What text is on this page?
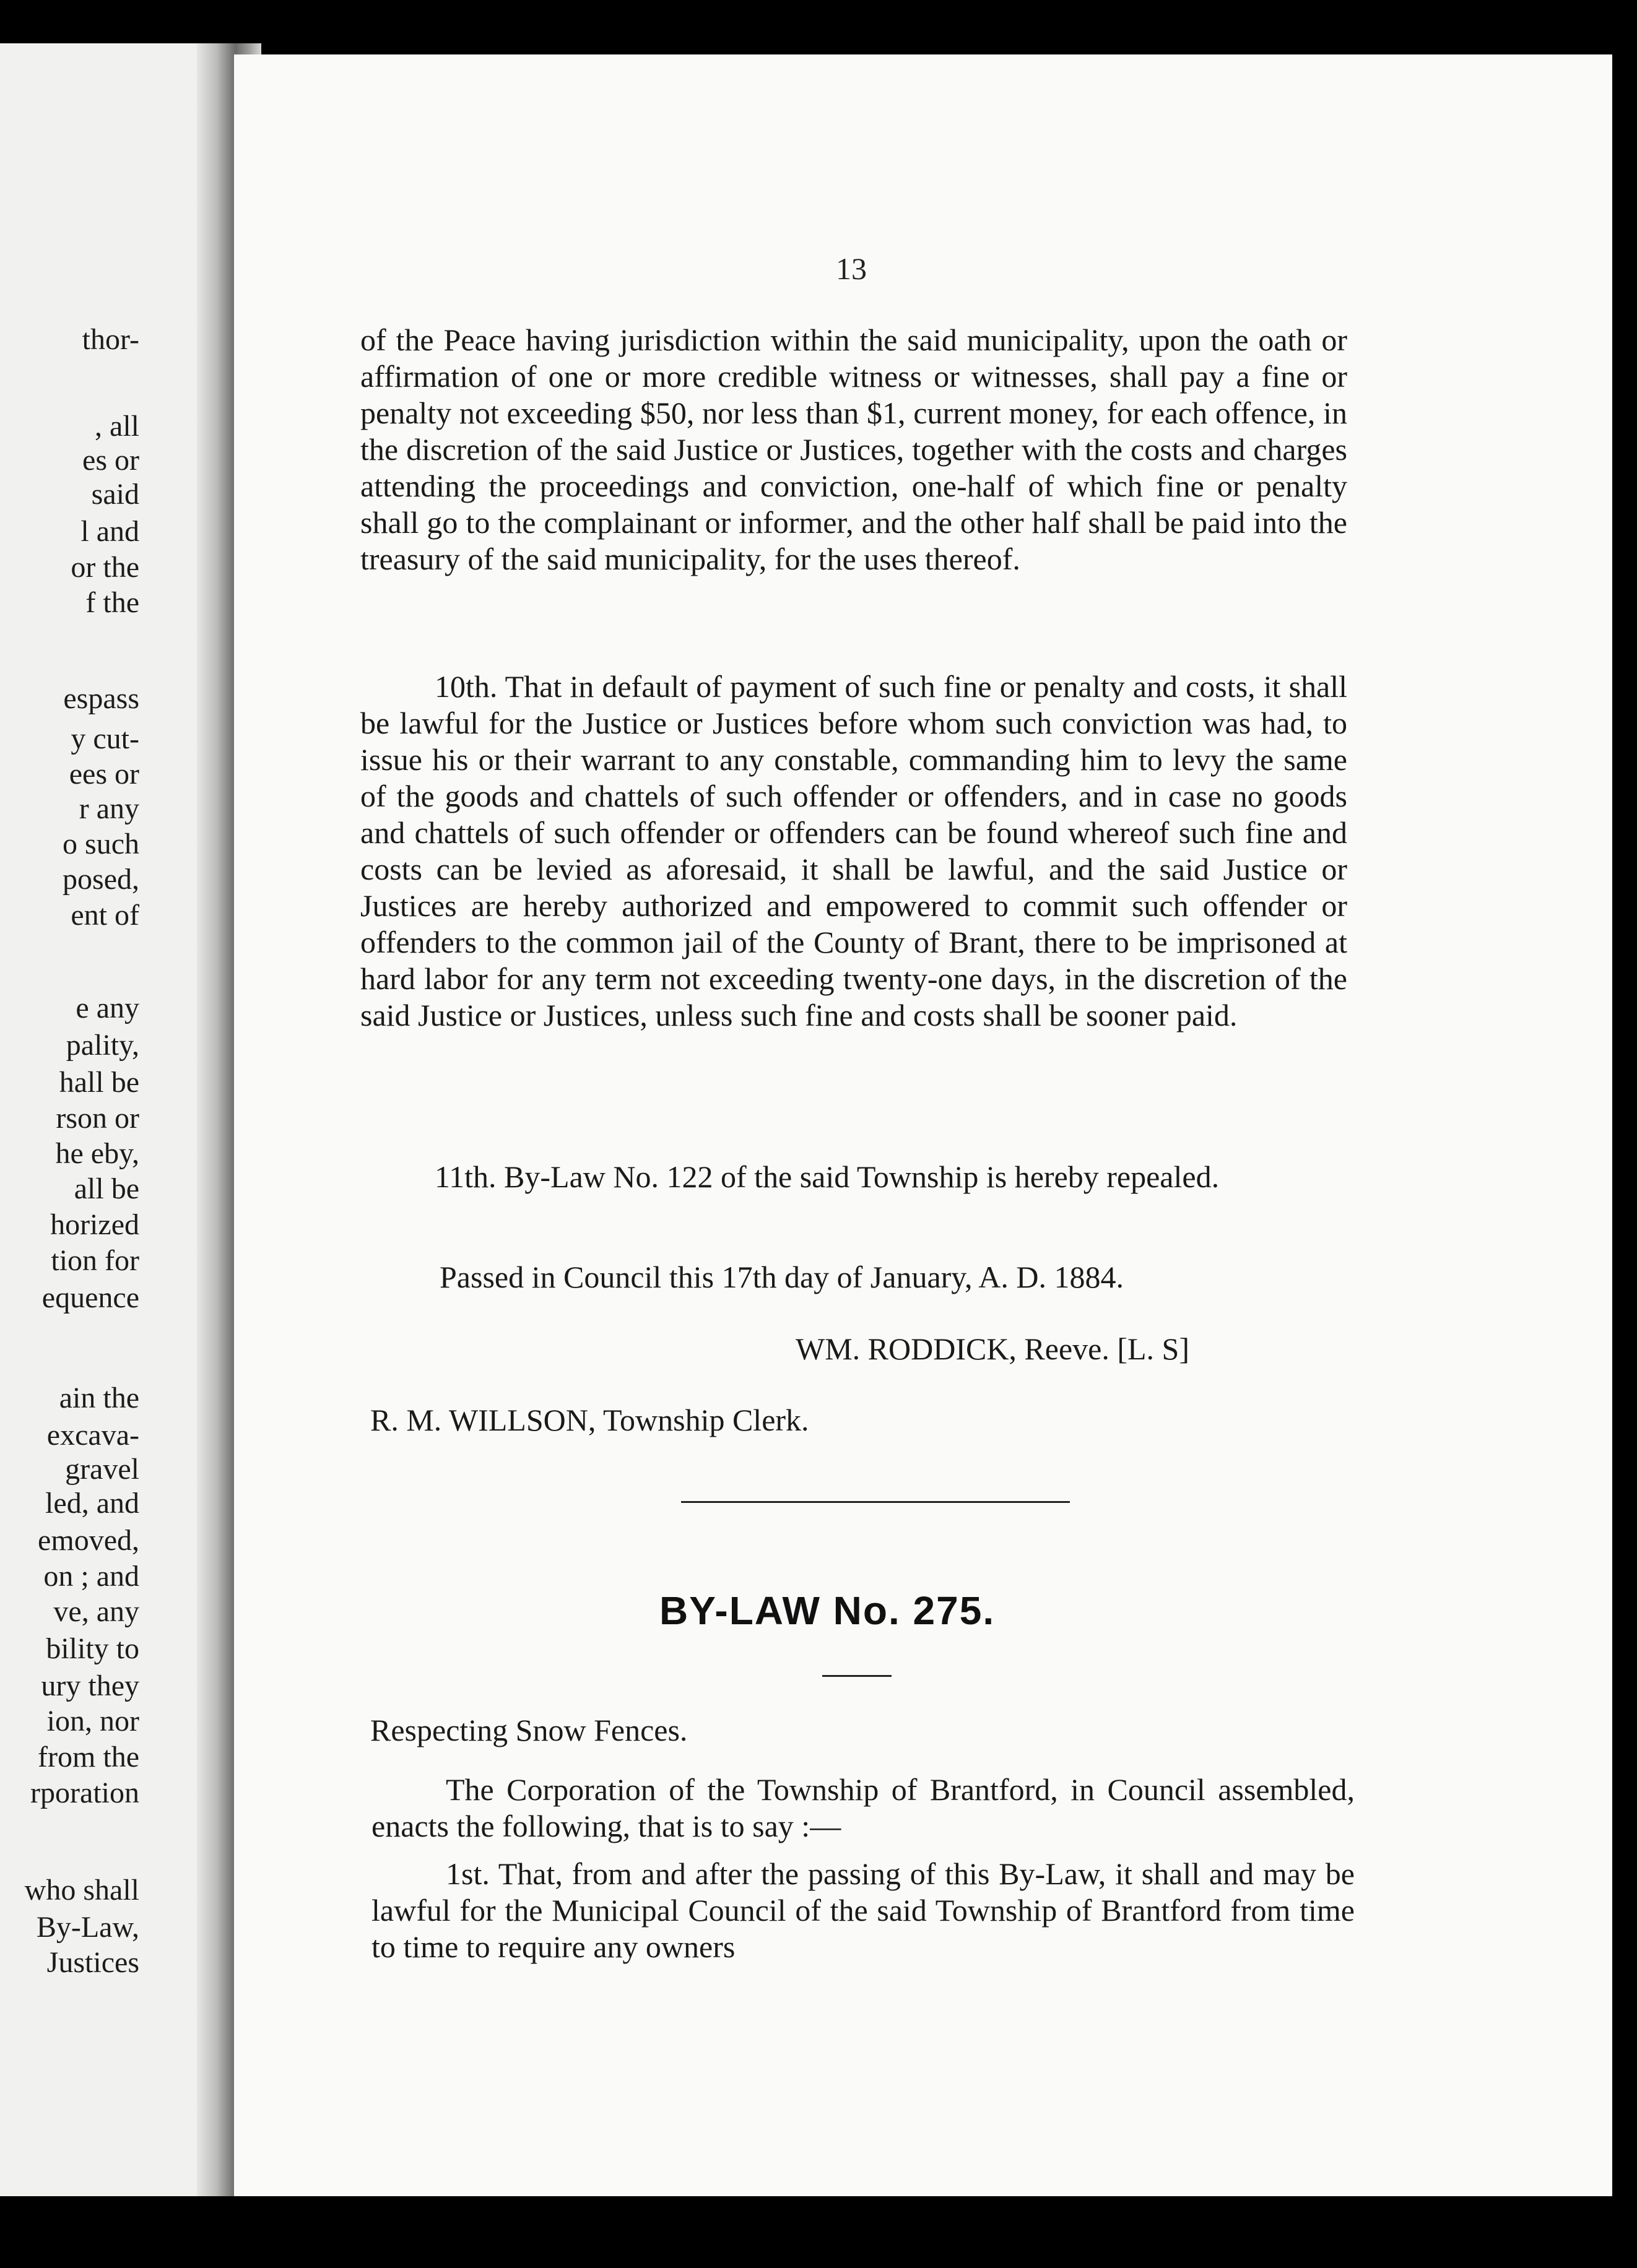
thor-
, all
es or
said
l and
or the
f the
espass
y cut-
ees or
r any
o such
posed,
ent of
e any
pality,
hall be
rson or
he eby,
all be
horized
tion for
equence
ain the
excava-
gravel
led, and
emoved,
on ; and
ve, any
bility to
ury they
ion, nor
from the
rporation
who shall
By-Law,
Justices
13

of the Peace having jurisdiction within the said municipality, upon the oath or affirmation of one or more credible witness or witnesses, shall pay a fine or penalty not exceeding $50, nor less than $1, current money, for each offence, in the discretion of the said Justice or Justices, together with the costs and charges attending the proceedings and conviction, one-half of which fine or penalty shall go to the complainant or informer, and the other half shall be paid into the treasury of the said municipality, for the uses thereof.

10th. That in default of payment of such fine or penalty and costs, it shall be lawful for the Justice or Justices before whom such conviction was had, to issue his or their warrant to any constable, commanding him to levy the same of the goods and chattels of such offender or offenders, and in case no goods and chattels of such offender or offenders can be found whereof such fine and costs can be levied as aforesaid, it shall be lawful, and the said Justice or Justices are hereby authorized and empowered to commit such offender or offenders to the common jail of the County of Brant, there to be imprisoned at hard labor for any term not exceeding twenty-one days, in the discretion of the said Justice or Justices, unless such fine and costs shall be sooner paid.

11th. By-Law No. 122 of the said Township is hereby repealed.

Passed in Council this 17th day of January, A. D. 1884.
WM. RODDICK, Reeve. [L. S]
R. M. WILLSON, Township Clerk.
BY-LAW No. 275.
Respecting Snow Fences.

The Corporation of the Township of Brantford, in Council assembled, enacts the following, that is to say :—

1st. That, from and after the passing of this By-Law, it shall and may be lawful for the Municipal Council of the said Township of Brantford from time to time to require any owners
